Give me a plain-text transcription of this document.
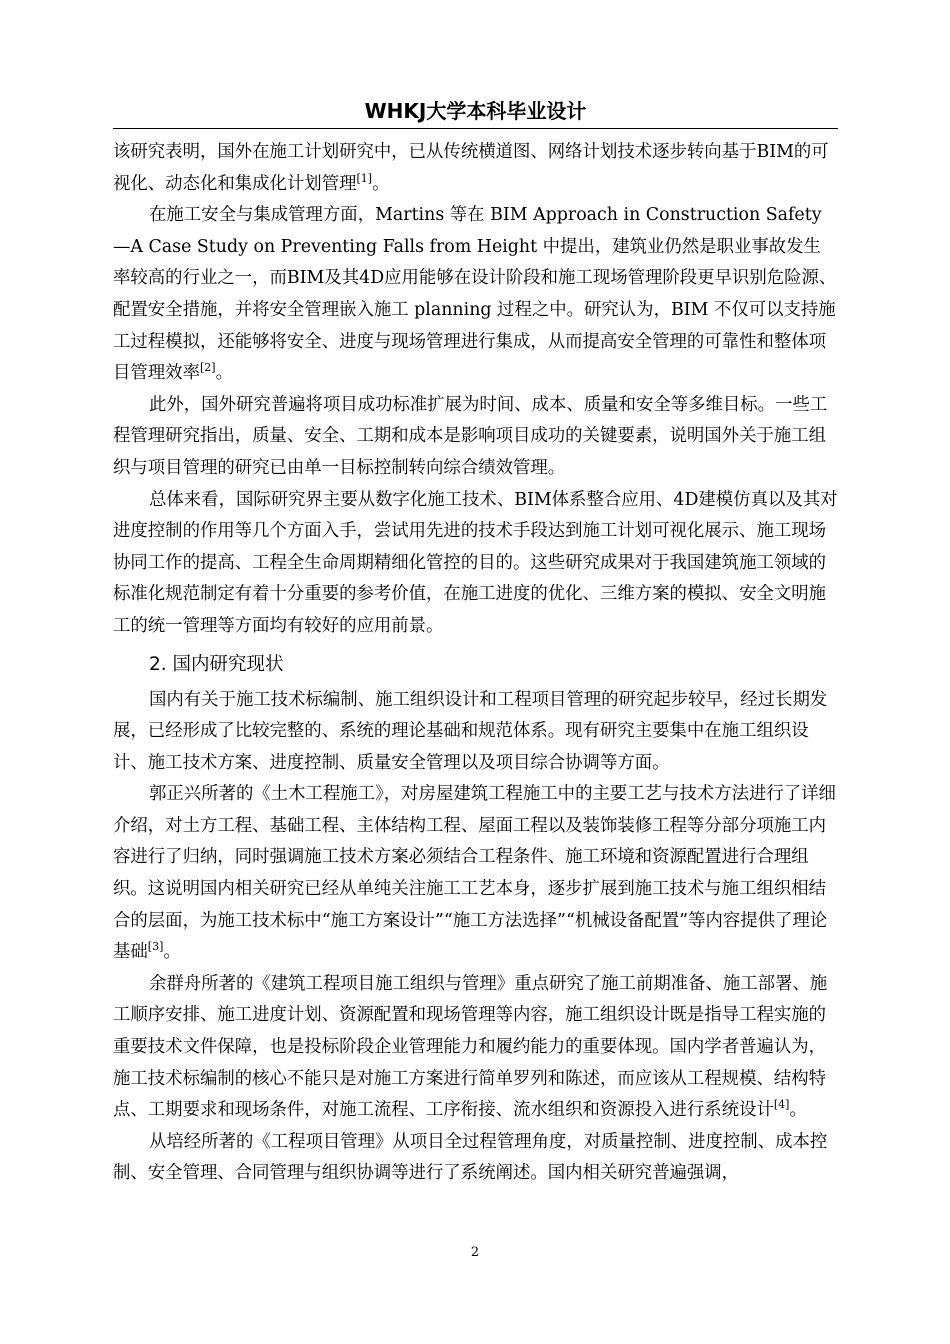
WHKJ大学本科毕业设计

该研究表明，国外在施工计划研究中，已从传统横道图、网络计划技术逐步转向基于BIM的可视化、动态化和集成化计划管理[1]。

在施工安全与集成管理方面，Martins 等在 BIM Approach in Construction Safety—A Case Study on Preventing Falls from Height 中提出，建筑业仍然是职业事故发生率较高的行业之一，而BIM及其4D应用能够在设计阶段和施工现场管理阶段更早识别危险源、配置安全措施，并将安全管理嵌入施工 planning 过程之中。研究认为，BIM 不仅可以支持施工过程模拟，还能够将安全、进度与现场管理进行集成，从而提高安全管理的可靠性和整体项目管理效率[2]。

此外，国外研究普遍将项目成功标准扩展为时间、成本、质量和安全等多维目标。一些工程管理研究指出，质量、安全、工期和成本是影响项目成功的关键要素，说明国外关于施工组织与项目管理的研究已由单一目标控制转向综合绩效管理。

总体来看，国际研究界主要从数字化施工技术、BIM体系整合应用、4D建模仿真以及其对进度控制的作用等几个方面入手，尝试用先进的技术手段达到施工计划可视化展示、施工现场协同工作的提高、工程全生命周期精细化管控的目的。这些研究成果对于我国建筑施工领域的标准化规范制定有着十分重要的参考价值，在施工进度的优化、三维方案的模拟、安全文明施工的统一管理等方面均有较好的应用前景。

2. 国内研究现状

国内有关于施工技术标编制、施工组织设计和工程项目管理的研究起步较早，经过长期发展，已经形成了比较完整的、系统的理论基础和规范体系。现有研究主要集中在施工组织设计、施工技术方案、进度控制、质量安全管理以及项目综合协调等方面。

郭正兴所著的《土木工程施工》，对房屋建筑工程施工中的主要工艺与技术方法进行了详细介绍，对土方工程、基础工程、主体结构工程、屋面工程以及装饰装修工程等分部分项施工内容进行了归纳，同时强调施工技术方案必须结合工程条件、施工环境和资源配置进行合理组织。这说明国内相关研究已经从单纯关注施工工艺本身，逐步扩展到施工技术与施工组织相结合的层面，为施工技术标中“施工方案设计”“施工方法选择”“机械设备配置”等内容提供了理论基础[3]。

余群舟所著的《建筑工程项目施工组织与管理》重点研究了施工前期准备、施工部署、施工顺序安排、施工进度计划、资源配置和现场管理等内容，施工组织设计既是指导工程实施的重要技术文件保障，也是投标阶段企业管理能力和履约能力的重要体现。国内学者普遍认为，施工技术标编制的核心不能只是对施工方案进行简单罗列和陈述，而应该从工程规模、结构特点、工期要求和现场条件，对施工流程、工序衔接、流水组织和资源投入进行系统设计[4]。

从培经所著的《工程项目管理》从项目全过程管理角度，对质量控制、进度控制、成本控制、安全管理、合同管理与组织协调等进行了系统阐述。国内相关研究普遍强调，

2
